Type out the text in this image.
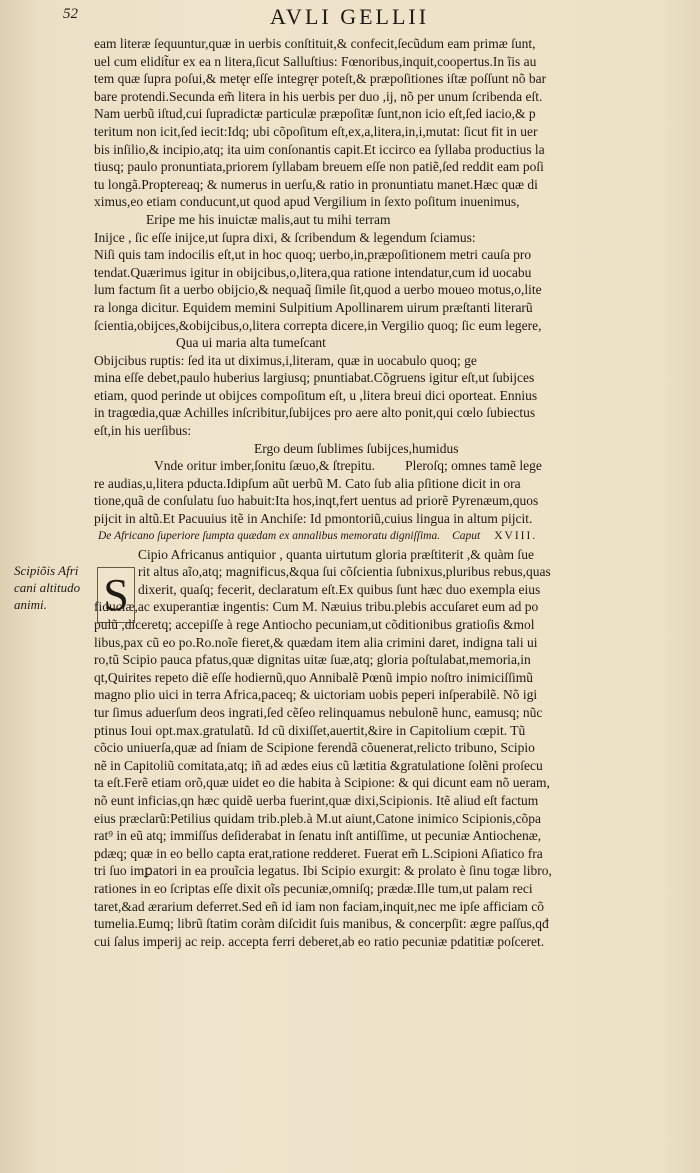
52	AVLI GELLII
Scipiõis Afri
cani altitudo
animi.	S
eam literæ ſequuntur,quæ in uerbis conſtituit,& confecit,ſecũdum eam primæ ſunt,
uel cum elidit̃ur ex ea n litera,ſicut Salluſtius: Fœnoribus,inquit,coopertus.In ĩis au
tem quæ ſupra poſui,& metęr eſſe integręr poteſt,& præpoſitiones iſtæ poſſunt nõ bar
bare protendi.Secunda em̃ litera in his uerbis per duo ,ij, nõ per unum ſcribenda eſt.
Nam uerbũ iſtud,cui ſupradictæ particulæ præpoſitæ ſunt,non icio eſt,ſed iacio,& p
teritum non icit,ſed iecit:Idq; ubi cõpoſitum eſt,ex,a,litera,in,i,mutat: ſicut fit in uer
bis inſilio,& incipio,atq; ita uim conſonantis capit.Et iccirco ea ſyllaba productius la
tiusq; paulo pronuntiata,priorem ſyllabam breuem eſſe non patiẽ,ſed reddit eam poſi
tu longã.Proptereaq; & numerus in uerſu,& ratio in pronuntiatu manet.Hæc quæ di
ximus,eo etiam conducunt,ut quod apud Vergilium in ſexto poſitum inuenimus,
Eripe me his inuictæ malis,aut tu mihi terram
Inijce , ſic eſſe inijce,ut ſupra dixi, & ſcribendum & legendum ſciamus:
Niſi quis tam indocilis eſt,ut in hoc quoq; uerbo,in,præpoſitionem metri cauſa pro
tendat.Quærimus igitur in obijcibus,o,litera,qua ratione intendatur,cum id uocabu
lum factum ſit a uerbo obijcio,& nequaq̃ ſimile ſit,quod a uerbo moueo motus,o,lite
ra longa dicitur. Equidem memini Sulpitium Apollinarem uirum præſtanti literarũ
ſcientia,obijces,&obijcibus,o,litera correpta dicere,in Vergilio quoq; ſic eum legere,
Qua ui maria alta tumeſcant
Obijcibus ruptis: ſed ita ut diximus,i,literam, quæ in uocabulo quoq; ge
mina eſſe debet,paulo huberius largiusq; pnuntiabat.Cõgruens igitur eſt,ut ſubijces
etiam, quod perinde ut obijces compoſitum eſt, u ,litera breui dici oporteat. Ennius
in tragœdia,quæ Achilles inſcribitur,ſubijces pro aere alto ponit,qui cœlo ſubiectus
eſt,in his uerſibus:
Ergo deum ſublimes ſubijces,humidus
Vnde oritur imber,ſonitu ſæuo,& ſtrepitu. Pleroſq; omnes tamẽ lege
re audias,u,litera pducta.Idipſum aũt uerbũ M. Cato ſub alia pſitione dicit in ora
tione,quã de conſulatu ſuo habuit:Ita hos,inqt,fert uentus ad priorẽ Pyrenæum,quos
pijcit in altũ.Et Pacuuius itẽ in Anchiſe: Id pmontoriũ,cuius lingua in altum pijcit.
De Africano ſuperiore ſumpta quædam ex annalibus memoratu digniſſima. Caput XVIII.
Cipio Africanus antiquior , quanta uirtutum gloria præſtiterit ,& quàm ſue
rit altus aĩo,atq; magnificus,&qua ſui cõſcientia ſubnixus,pluribus rebus,quas
dixerit, quaſq; fecerit, declaratum eſt.Ex quibus ſunt hæc duo exempla eius
fiduciæ,ac exuperantiæ ingentis: Cum M. Næuius tribu.plebis accuſaret eum ad po
pulũ ,diceretq; accepiſſe à rege Antiocho pecuniam,ut cõditionibus gratioſis &mol
libus,pax cũ eo po.Ro.noĩe fieret,& quædam item alia crimini daret, indigna tali ui
ro,tũ Scipio pauca pfatus,quæ dignitas uitæ ſuæ,atq; gloria poſtulabat,memoria,in
qt,Quirites repeto diẽ eſſe hodiernũ,quo Annibalẽ Pœnũ impio noſtro inimiciſſimũ
magno plio uici in terra Africa,paceq; & uictoriam uobis peperi inſperabilẽ. Nõ igi
tur ſimus aduerſum deos ingrati,ſed cẽſeo relinquamus nebulonẽ hunc, eamusq; nũc
ptinus Ioui opt.max.gratulatũ. Id cũ dixiſſet,auertit,&ire in Capitolium cœpit. Tũ
cõcio uniuerſa,quæ ad ſniam de Scipione ferendã cõuenerat,relicto tribuno, Scipio
nẽ in Capitoliũ comitata,atq; iñ ad ædes eius cũ lætitia &gratulatione ſolẽni proſecu
ta eſt.Ferẽ etiam orõ,quæ uidet eo die habita à Scipione: & qui dicunt eam nõ ueram,
nõ eunt inficias,qn hæc quidẽ uerba fuerint,quæ dixi,Scipionis. Itẽ aliud eſt factum
eius præclarũ:Petilius quidam trib.pleb.à M.ut aiunt,Catone inimico Scipionis,cõpa
rat⁹ in eũ atq; immiſſus deſiderabat in ſenatu inſt antiſſime, ut pecuniæ Antiochenæ,
pdæq; quæ in eo bello capta erat,ratione redderet. Fuerat em̃ L.Scipioni Aſiatico fra
tri ſuo imꝑatori in ea prouĩcia legatus. Ibi Scipio exurgit: & prolato è ſinu togæ libro,
rationes in eo ſcriptas eſſe dixit oĩs pecuniæ,omniſq; prædæ.Ille tum,ut palam reci
taret,&ad ærarium deferret.Sed eñ id iam non faciam,inquit,nec me ipſe afficiam cõ
tumelia.Eumq; librũ ſtatim coràm diſcidit ſuis manibus, & concerpſit: ægre paſſus,qđ
cui ſalus imperij ac reip. accepta ferri deberet,ab eo ratio pecuniæ pdatitiæ poſceret.
